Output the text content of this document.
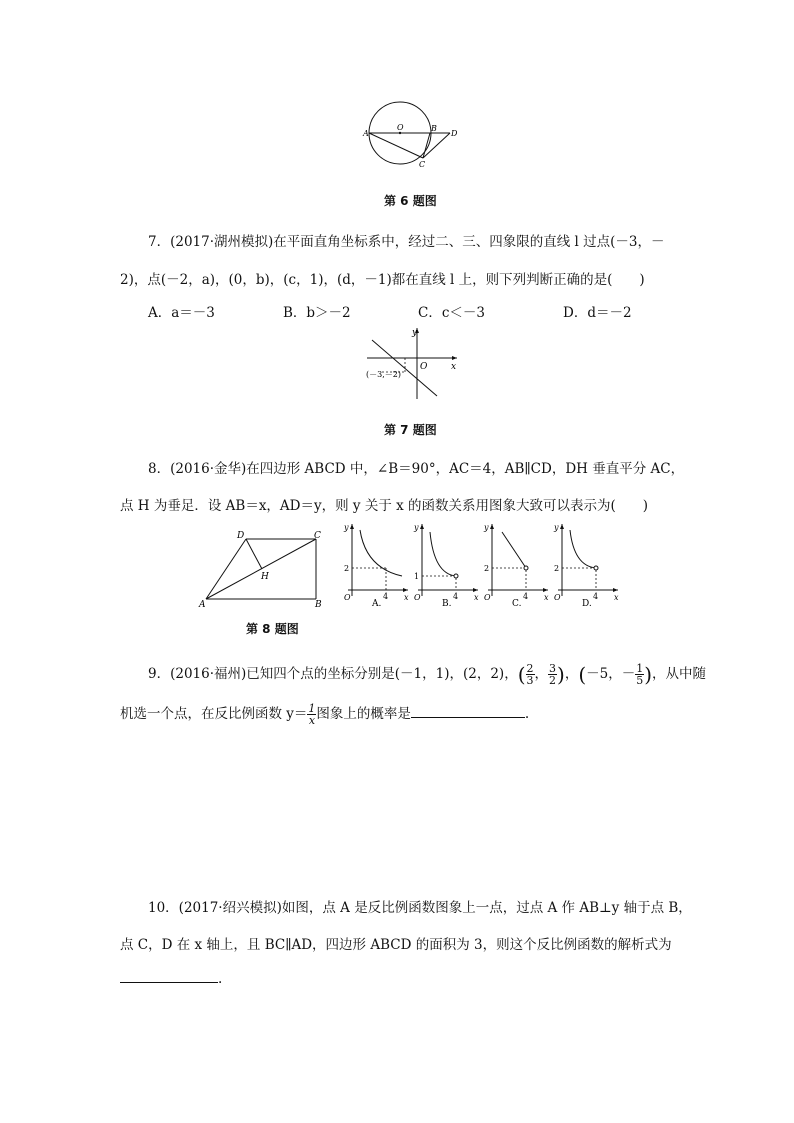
A
O	B
D
C
第 6 题图
7．(2017·湖州模拟)在平面直角坐标系中，经过二、三、四象限的直线 l 过点(－3，－
2)，点(－2，a)，(0，b)，(c，1)，(d，－1)都在直线 l 上，则下列判断正确的是(　　)
A．a＝－3	B．b＞－2	C．c＜－3	D．d＝－2
y
x
O
(－3,－2)
第 7 题图
8．(2016·金华)在四边形 ABCD 中，∠B＝90°，AC＝4，AB∥CD，DH 垂直平分 AC，
点 H 为垂足．设 AB＝x，AD＝y，则 y 关于 x 的函数关系用图象大致可以表示为(　　)
A	B
C
D
H
第 8 题图
y
x
O
2
4
A.
y
x
O
1
4
B.
y
x
O
2
4
C.
y
x
O
2
4
D.
9．(2016·福州)已知四个点的坐标分别是(－1，1)，(2，2)，( $\frac{2}{3}$ ， $\frac{3}{2}$ )，(－5，－ $\frac{1}{5}$ )，从中随
机选一个点，在反比例函数 $y= \frac{1}{x}$ 图象上的概率是	.
10．(2017·绍兴模拟)如图，点 A 是反比例函数图象上一点，过点 A 作 AB⊥y 轴于点 B，
点 C，D 在 x 轴上，且 BC∥AD，四边形 ABCD 的面积为 3，则这个反比例函数的解析式为
.
